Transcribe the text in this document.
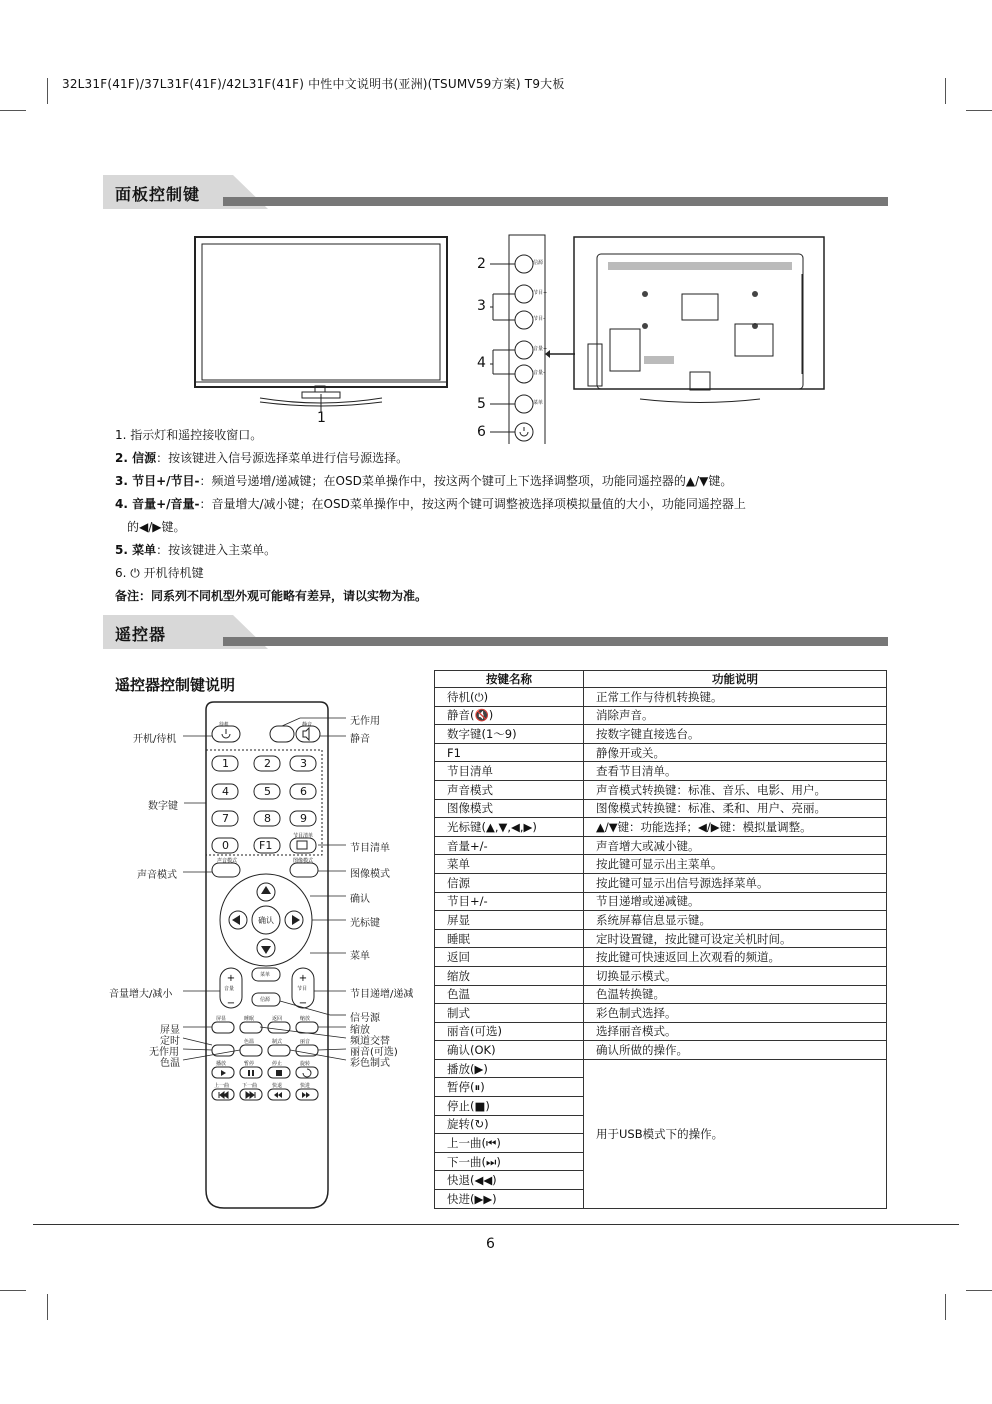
32L31F(41F)/37L31F(41F)/42L31F(41F) 中性中文说明书(亚洲)(TSUMV59方案) T9大板
面板控制键
2
3
4
5
6
1
信源
节目+
节目-
音量+
音量-
菜单
1. 指示灯和遥控接收窗口。
2. 信源：按该键进入信号源选择菜单进行信号源选择。
3. 节目+/节目-：频道号递增/递减键；在OSD菜单操作中，按这两个键可上下选择调整项，功能同遥控器的▲/▼键。
4. 音量+/音量-：音量增大/减小键；在OSD菜单操作中，按这两个键可调整被选择项模拟量值的大小，功能同遥控器上
的◀/▶键。
5. 菜单：按该键进入主菜单。
6. ⏻ 开机待机键
备注：同系列不同机型外观可能略有差异，请以实物为准。
遥控器
遥控器控制键说明
+
−
+
−
1	2	3
4	5	6
7	8	9
0	F1
确认
待机	静音
节目清单
声音模式	图像模式
音量	节目
菜单
信源
屏显	睡眠	返回	缩放
色温	制式	丽音
播放	暂停	停止	旋转
上一曲	下一曲	快退	快进
开机/待机
数字键
声音模式
音量增大/减小
屏显
定时
无作用
色温
无作用
静音
节目清单
图像模式
确认
光标键
菜单
节目递增/递减
信号源
缩放
频道交替
丽音(可选)
彩色制式
按键名称	功能说明
待机(⏻)	正常工作与待机转换键。
静音(🔇)	消除声音。
数字键(1～9)	按数字键直接选台。
F1	静像开或关。
节目清单	查看节目清单。
声音模式	声音模式转换键：标准、音乐、电影、用户。
图像模式	图像模式转换键：标准、柔和、用户、亮丽。
光标键(▲,▼,◀,▶)	▲/▼键：功能选择；◀/▶键：模拟量调整。
音量+/-	声音增大或减小键。
菜单	按此键可显示出主菜单。
信源	按此键可显示出信号源选择菜单。
节目+/-	节目递增或递减键。
屏显	系统屏幕信息显示键。
睡眠	定时设置键，按此键可设定关机时间。
返回	按此键可快速返回上次观看的频道。
缩放	切换显示模式。
色温	色温转换键。
制式	彩色制式选择。
丽音(可选)	选择丽音模式。
确认(OK)	确认所做的操作。
播放(▶)	用于USB模式下的操作。
暂停(⏸)	
停止(■)	
旋转(↻)	
上一曲(⏮)	
下一曲(⏭)	
快退(◀◀)	
快进(▶▶)	
6
